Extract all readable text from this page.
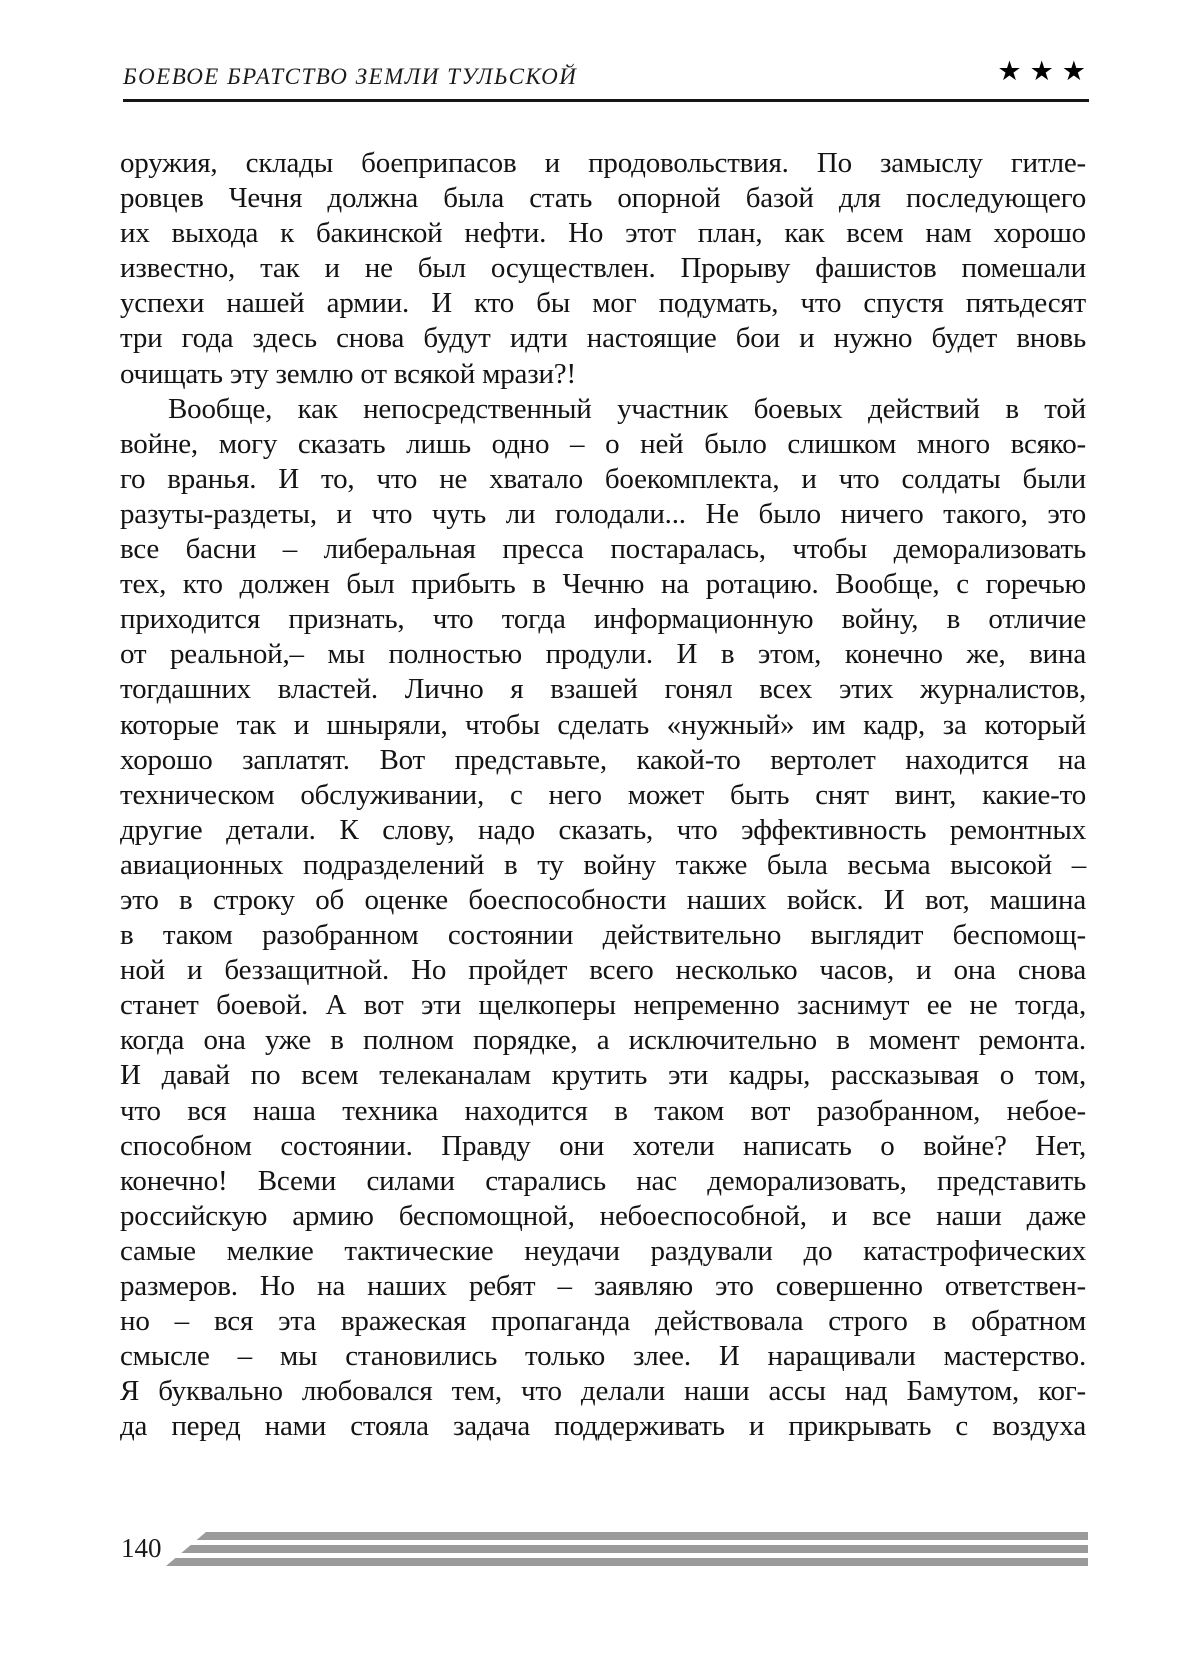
БОЕВОЕ БРАТСТВО ЗЕМЛИ ТУЛЬСКОЙ	★★★
оружия, склады боеприпасов и продовольствия. По замыслу гитле-
ровцев Чечня должна была стать опорной базой для последующего
их выхода к бакинской нефти. Но этот план, как всем нам хорошо
известно, так и не был осуществлен. Прорыву фашистов помешали
успехи нашей армии. И кто бы мог подумать, что спустя пятьдесят
три года здесь снова будут идти настоящие бои и нужно будет вновь
очищать эту землю от всякой мрази?!
Вообще, как непосредственный участник боевых действий в той
войне, могу сказать лишь одно – о ней было слишком много всяко-
го вранья. И то, что не хватало боекомплекта, и что солдаты были
разуты-раздеты, и что чуть ли голодали... Не было ничего такого, это
все басни – либеральная пресса постаралась, чтобы деморализовать
тех, кто должен был прибыть в Чечню на ротацию. Вообще, с горечью
приходится признать, что тогда информационную войну, в отличие
от реальной,– мы полностью продули. И в этом, конечно же, вина
тогдашних властей. Лично я взашей гонял всех этих журналистов,
которые так и шныряли, чтобы сделать «нужный» им кадр, за который
хорошо заплатят. Вот представьте, какой-то вертолет находится на
техническом обслуживании, с него может быть снят винт, какие-то
другие детали. К слову, надо сказать, что эффективность ремонтных
авиационных подразделений в ту войну также была весьма высокой –
это в строку об оценке боеспособности наших войск. И вот, машина
в таком разобранном состоянии действительно выглядит беспомощ-
ной и беззащитной. Но пройдет всего несколько часов, и она снова
станет боевой. А вот эти щелкоперы непременно заснимут ее не тогда,
когда она уже в полном порядке, а исключительно в момент ремонта.
И давай по всем телеканалам крутить эти кадры, рассказывая о том,
что вся наша техника находится в таком вот разобранном, небое-
способном состоянии. Правду они хотели написать о войне? Нет,
конечно! Всеми силами старались нас деморализовать, представить
российскую армию беспомощной, небоеспособной, и все наши даже
самые мелкие тактические неудачи раздували до катастрофических
размеров. Но на наших ребят – заявляю это совершенно ответствен-
но – вся эта вражеская пропаганда действовала строго в обратном
смысле – мы становились только злее. И наращивали мастерство.
Я буквально любовался тем, что делали наши ассы над Бамутом, ког-
да перед нами стояла задача поддерживать и прикрывать с воздуха
140
